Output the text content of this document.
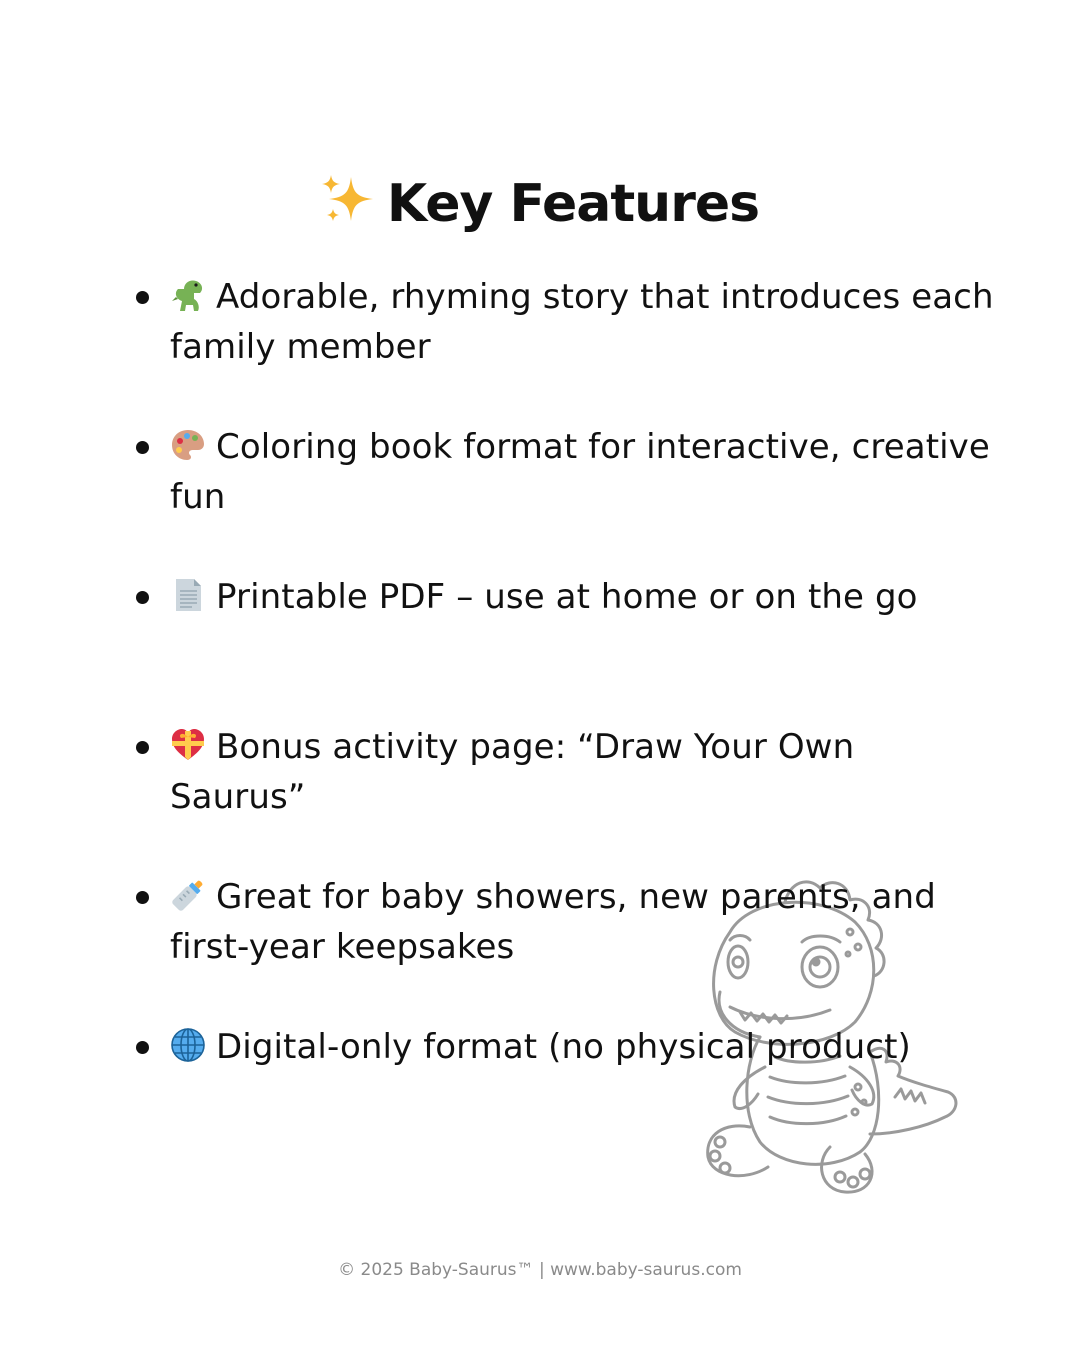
Key Features
Adorable, rhyming story that introduces each family member
Coloring book format for interactive, creative fun
Printable PDF – use at home or on the go
Bonus activity page: “Draw Your Own Saurus”
Great for baby showers, new parents, and first-year keepsakes
Digital-only format (no physical product)
© 2025 Baby-Saurus™ | www.baby-saurus.com
